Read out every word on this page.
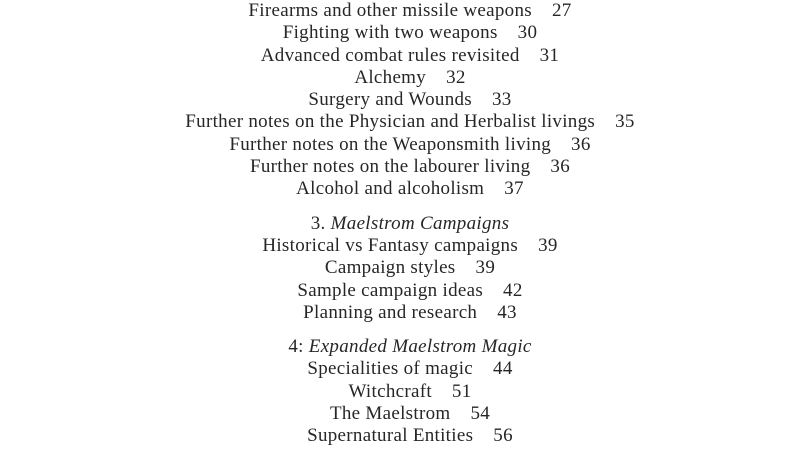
Firearms and other missile weapons 27
Fighting with two weapons 30
Advanced combat rules revisited 31
Alchemy 32
Surgery and Wounds 33
Further notes on the Physician and Herbalist livings 35
Further notes on the Weaponsmith living 36
Further notes on the labourer living 36
Alcohol and alcoholism 37
3. Maelstrom Campaigns
Historical vs Fantasy campaigns 39
Campaign styles 39
Sample campaign ideas 42
Planning and research 43
4: Expanded Maelstrom Magic
Specialities of magic 44
Witchcraft 51
The Maelstrom 54
Supernatural Entities 56
